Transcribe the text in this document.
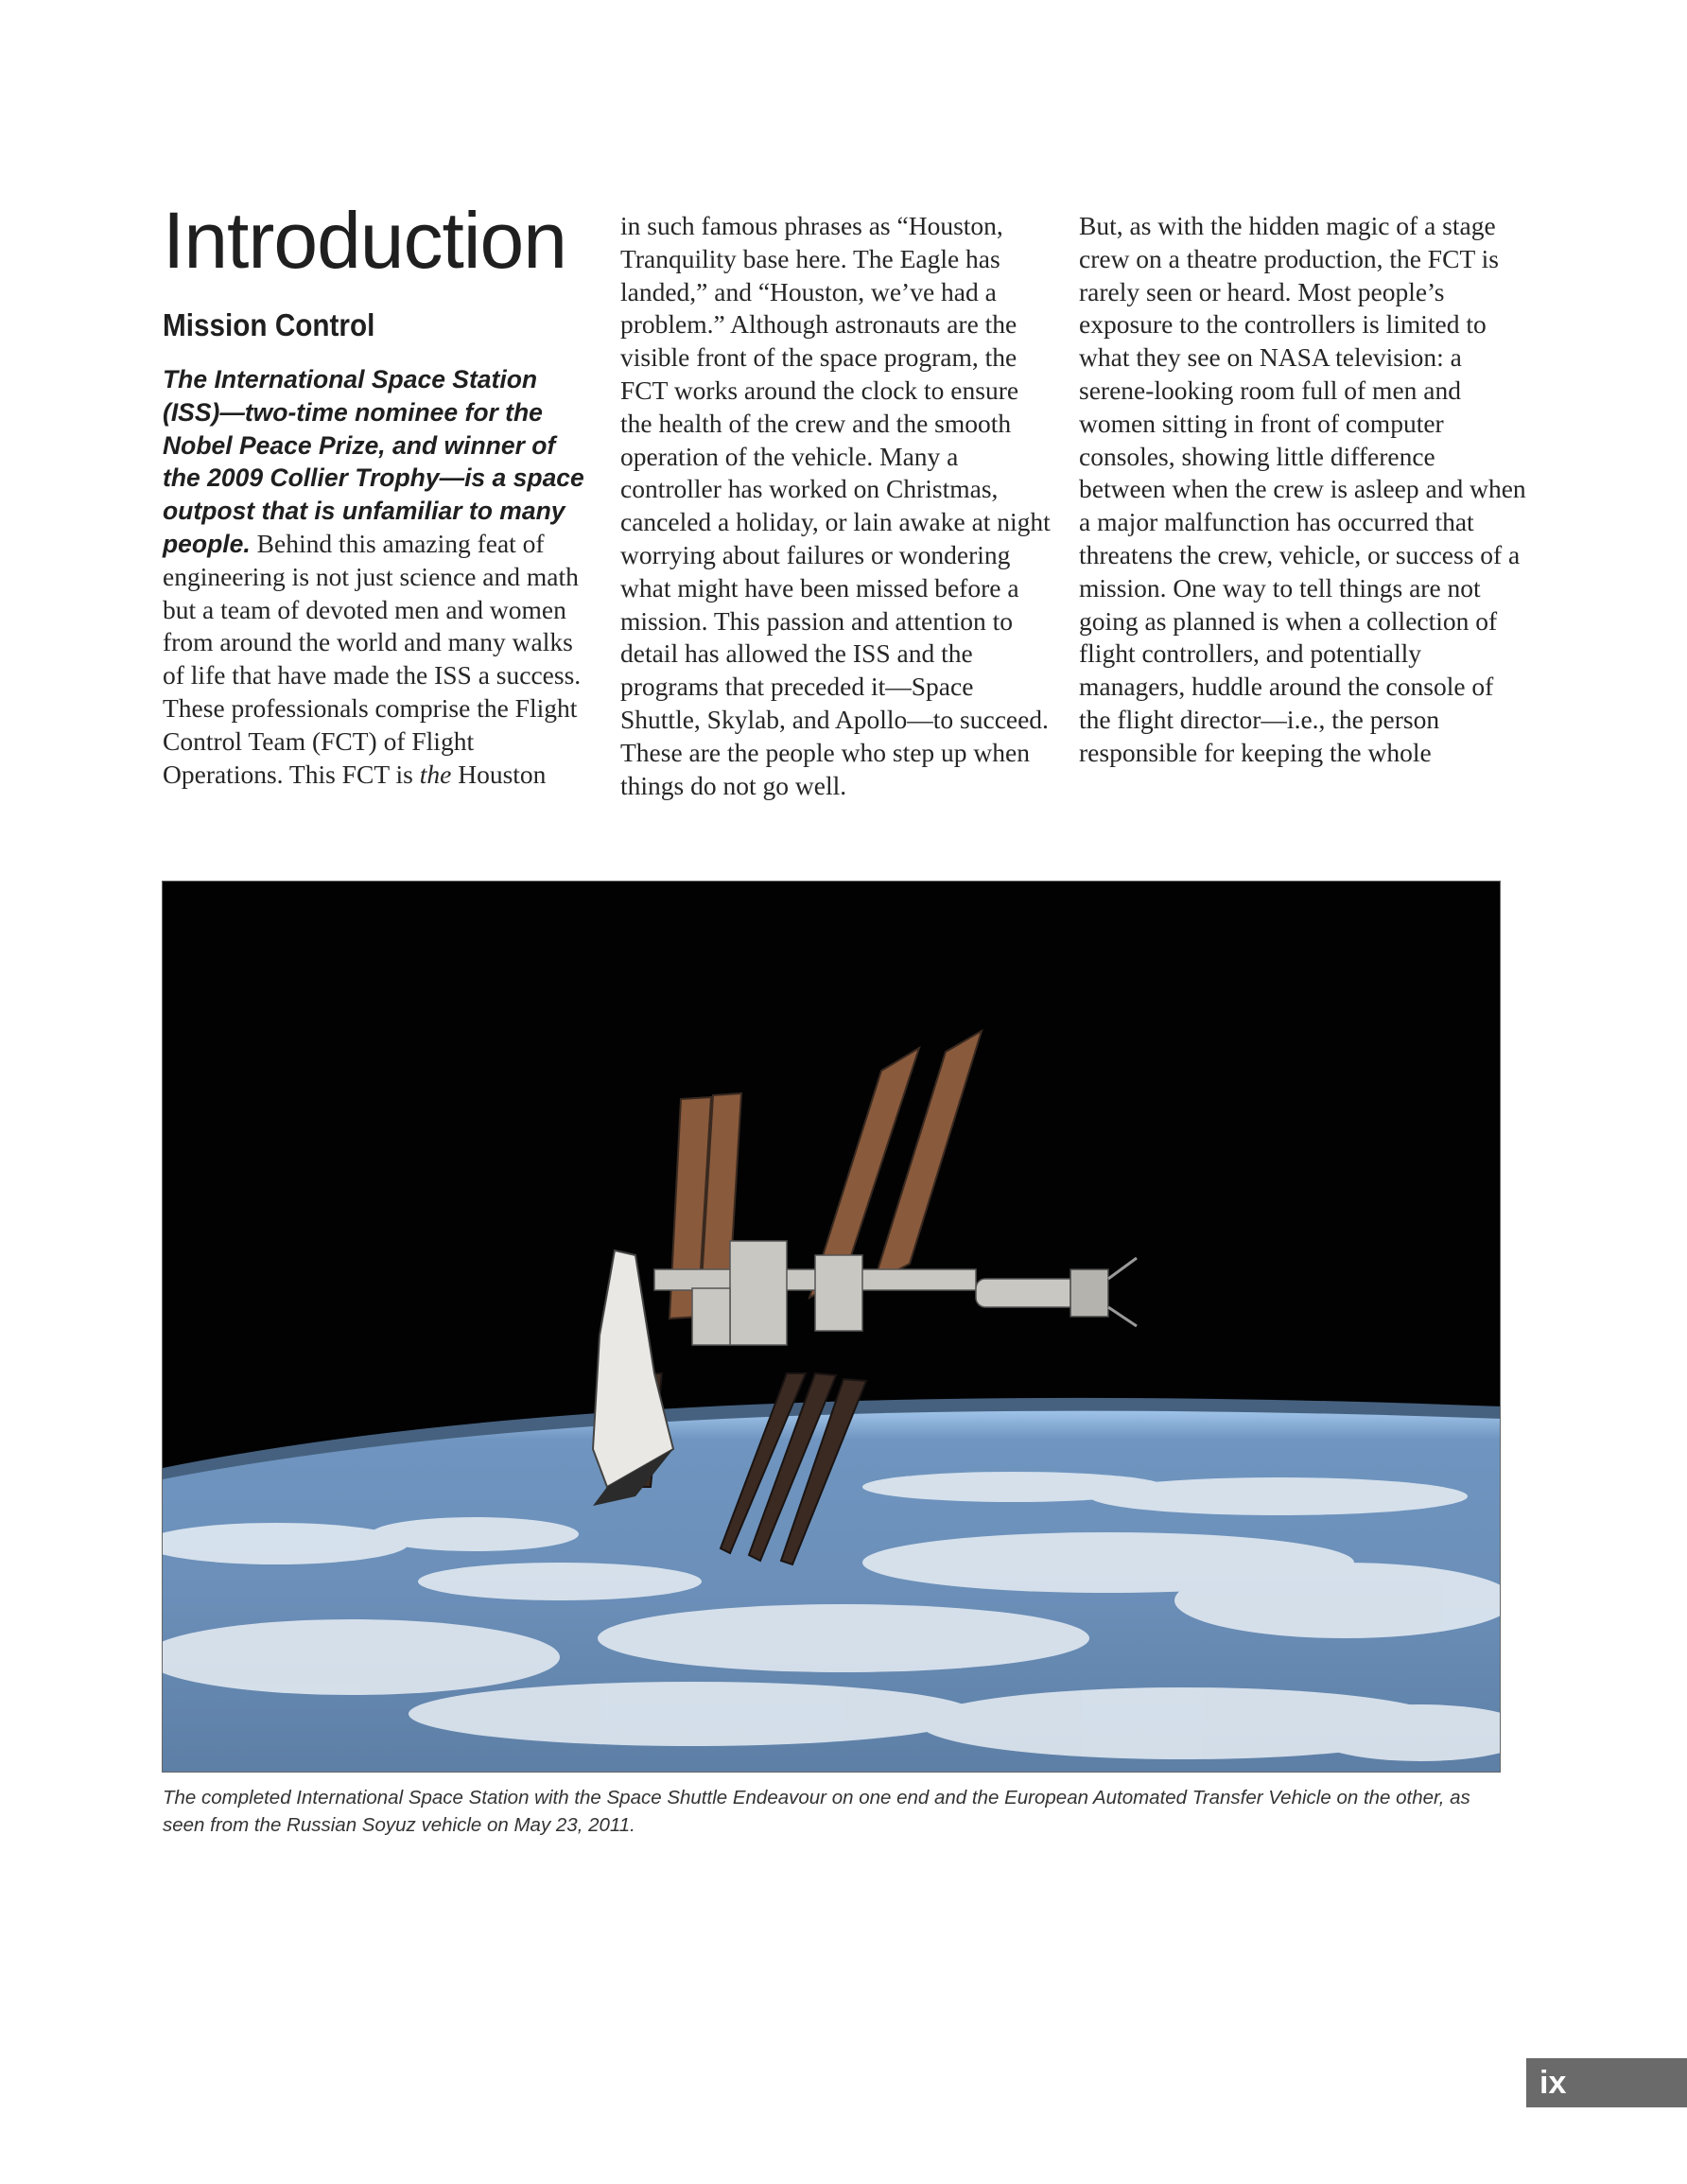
Introduction
Mission Control

The International Space Station (ISS)—two-time nominee for the Nobel Peace Prize, and winner of the 2009 Collier Trophy—is a space outpost that is unfamiliar to many people. Behind this amazing feat of engineering is not just science and math but a team of devoted men and women from around the world and many walks of life that have made the ISS a success. These professionals comprise the Flight Control Team (FCT) of Flight Operations. This FCT is the Houston

in such famous phrases as “Houston, Tranquility base here. The Eagle has landed,” and “Houston, we’ve had a problem.” Although astronauts are the visible front of the space program, the FCT works around the clock to ensure the health of the crew and the smooth operation of the vehicle. Many a controller has worked on Christmas, canceled a holiday, or lain awake at night worrying about failures or wondering what might have been missed before a mission. This passion and attention to detail has allowed the ISS and the programs that preceded it—Space Shuttle, Skylab, and Apollo—to succeed. These are the people who step up when things do not go well.

But, as with the hidden magic of a stage crew on a theatre production, the FCT is rarely seen or heard. Most people’s exposure to the controllers is limited to what they see on NASA television: a serene-looking room full of men and women sitting in front of computer consoles, showing little difference between when the crew is asleep and when a major malfunction has occurred that threatens the crew, vehicle, or success of a mission. One way to tell things are not going as planned is when a collection of flight controllers, and potentially managers, huddle around the console of the flight director—i.e., the person responsible for keeping the whole

The completed International Space Station with the Space Shuttle Endeavour on one end and the European Automated Transfer Vehicle on the other, as seen from the Russian Soyuz vehicle on May 23, 2011.
ix
